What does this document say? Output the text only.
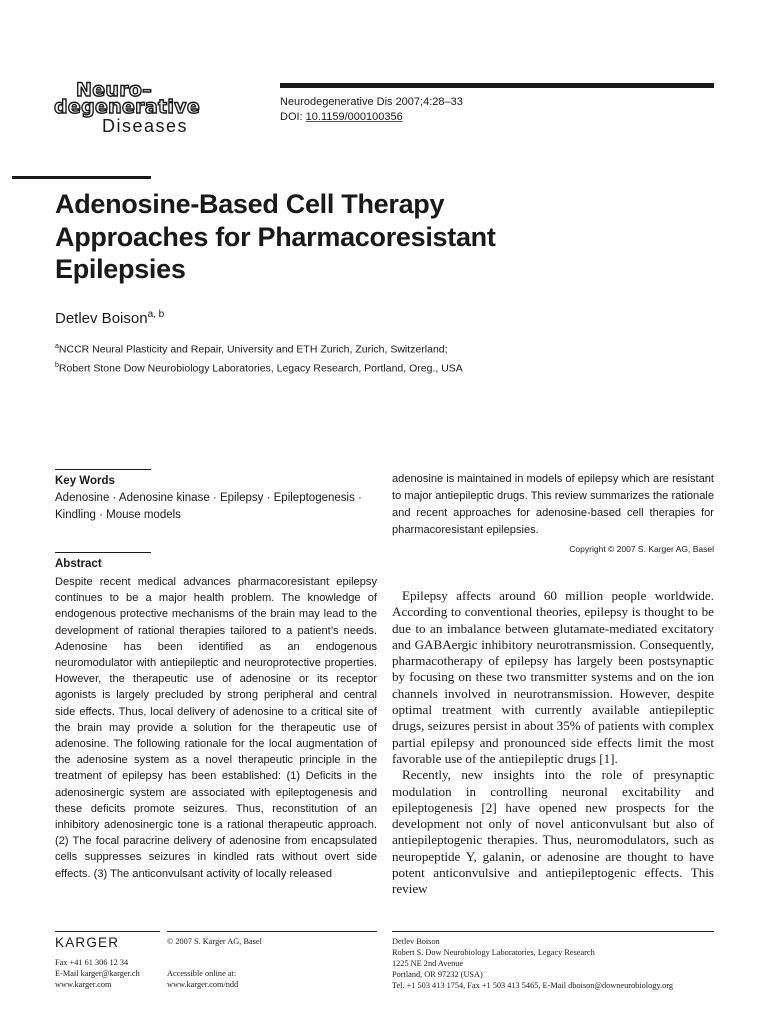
Neuro–
degenerative
Diseases
Neurodegenerative Dis 2007;4:28–33
DOI: 10.1159/000100356
Adenosine-Based Cell Therapy
Approaches for Pharmacoresistant
Epilepsies
Detlev Boison$^{a, b}$
$^a$NCCR Neural Plasticity and Repair, University and ETH Zurich, Zurich, Switzerland;
$^b$Robert Stone Dow Neurobiology Laboratories, Legacy Research, Portland, Oreg., USA
Key Words
Adenosine · Adenosine kinase · Epilepsy · Epileptogenesis ·
Kindling · Mouse models
Abstract

Despite recent medical advances pharmacoresistant epilepsy continues to be a major health problem. The knowledge of endogenous protective mechanisms of the brain may lead to the development of rational therapies tailored to a patient’s needs. Adenosine has been identified as an endogenous neuromodulator with antiepileptic and neuroprotective properties. However, the therapeutic use of adenosine or its receptor agonists is largely precluded by strong peripheral and central side effects. Thus, local delivery of adenosine to a critical site of the brain may provide a solution for the therapeutic use of adenosine. The following rationale for the local augmentation of the adenosine system as a novel therapeutic principle in the treatment of epilepsy has been established: (1) Deficits in the adenosinergic system are associated with epileptogenesis and these deficits promote seizures. Thus, reconstitution of an inhibitory adenosinergic tone is a rational therapeutic approach. (2) The focal paracrine delivery of adenosine from encapsulated cells suppresses seizures in kindled rats without overt side effects. (3) The anticonvulsant activity of locally released

adenosine is maintained in models of epilepsy which are resistant to major antiepileptic drugs. This review summarizes the rationale and recent approaches for adenosine-based cell therapies for pharmacoresistant epilepsies.

Copyright © 2007 S. Karger AG, Basel

Epilepsy affects around 60 million people worldwide. According to conventional theories, epilepsy is thought to be due to an imbalance between glutamate-mediated excitatory and GABAergic inhibitory neurotransmission. Consequently, pharmacotherapy of epilepsy has largely been postsynaptic by focusing on these two transmitter systems and on the ion channels involved in neurotransmission. However, despite optimal treatment with currently available antiepileptic drugs, seizures persist in about 35% of patients with complex partial epilepsy and pronounced side effects limit the most favorable use of the antiepileptic drugs [1].

Recently, new insights into the role of presynaptic modulation in controlling neuronal excitability and epileptogenesis [2] have opened new prospects for the development not only of novel anticonvulsant but also of antiepileptogenic therapies. Thus, neuromodulators, such as neuropeptide Y, galanin, or adenosine are thought to have potent anticonvulsive and antiepileptogenic effects. This review

KARGER
Fax +41 61 306 12 34
E-Mail karger@karger.ch
www.karger.com
© 2007 S. Karger AG, Basel
Accessible online at:
www.karger.com/ndd
Detlev Boison
Robert S. Dow Neurobiology Laboratories, Legacy Research
1225 NE 2nd Avenue
Portland, OR 97232 (USA)
Tel. +1 503 413 1754, Fax +1 503 413 5465, E-Mail dboison@downeurobiology.org
